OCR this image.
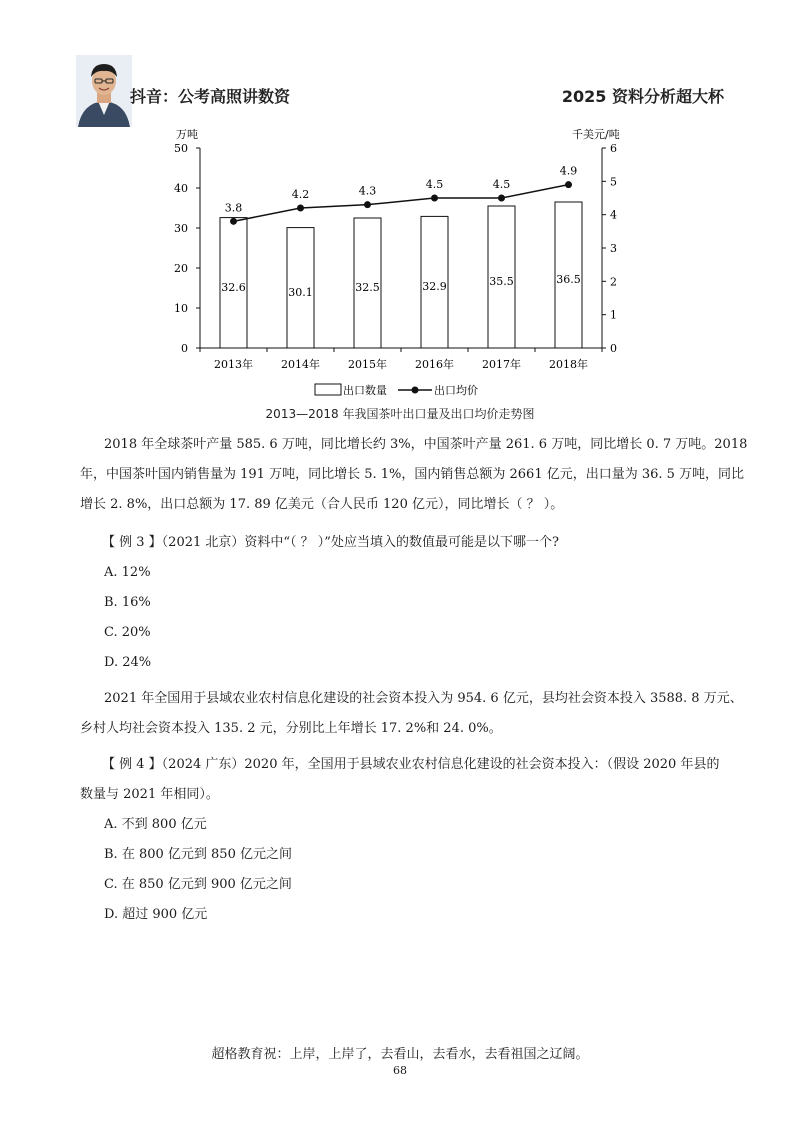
抖音：公考高照讲数资	2025 资料分析超大杯
万吨	千美元/吨
0
10
20
30
40
50
0
1
2
3
4
5
6
2013年	2014年	2015年	2016年	2017年	2018年
32.6	30.1	32.5	32.9	35.5	36.5
3.8
4.2	4.3
4.5	4.5
4.9
出口数量	出口均价
2013—2018 年我国茶叶出口量及出口均价走势图

2018 年全球茶叶产量 585. 6 万吨，同比增长约 3%，中国茶叶产量 261. 6 万吨，同比增长 0. 7 万吨。2018

年，中国茶叶国内销售量为 191 万吨，同比增长 5. 1%，国内销售总额为 2661 亿元，出口量为 36. 5 万吨，同比

增长 2. 8%，出口总额为 17. 89 亿美元（合人民币 120 亿元），同比增长（ ？ ）。

【 例 3 】（2021 北京）资料中“（ ？ ）”处应当填入的数值最可能是以下哪一个?

A. 12%

B. 16%

C. 20%

D. 24%

2021 年全国用于县域农业农村信息化建设的社会资本投入为 954. 6 亿元，县均社会资本投入 3588. 8 万元、

乡村人均社会资本投入 135. 2 元，分别比上年增长 17. 2%和 24. 0%。

【 例 4 】（2024 广东）2020 年，全国用于县域农业农村信息化建设的社会资本投入：（假设 2020 年县的

数量与 2021 年相同）。

A. 不到 800 亿元

B. 在 800 亿元到 850 亿元之间

C. 在 850 亿元到 900 亿元之间

D. 超过 900 亿元

超格教育祝：上岸，上岸了，去看山，去看水，去看祖国之辽阔。
68
